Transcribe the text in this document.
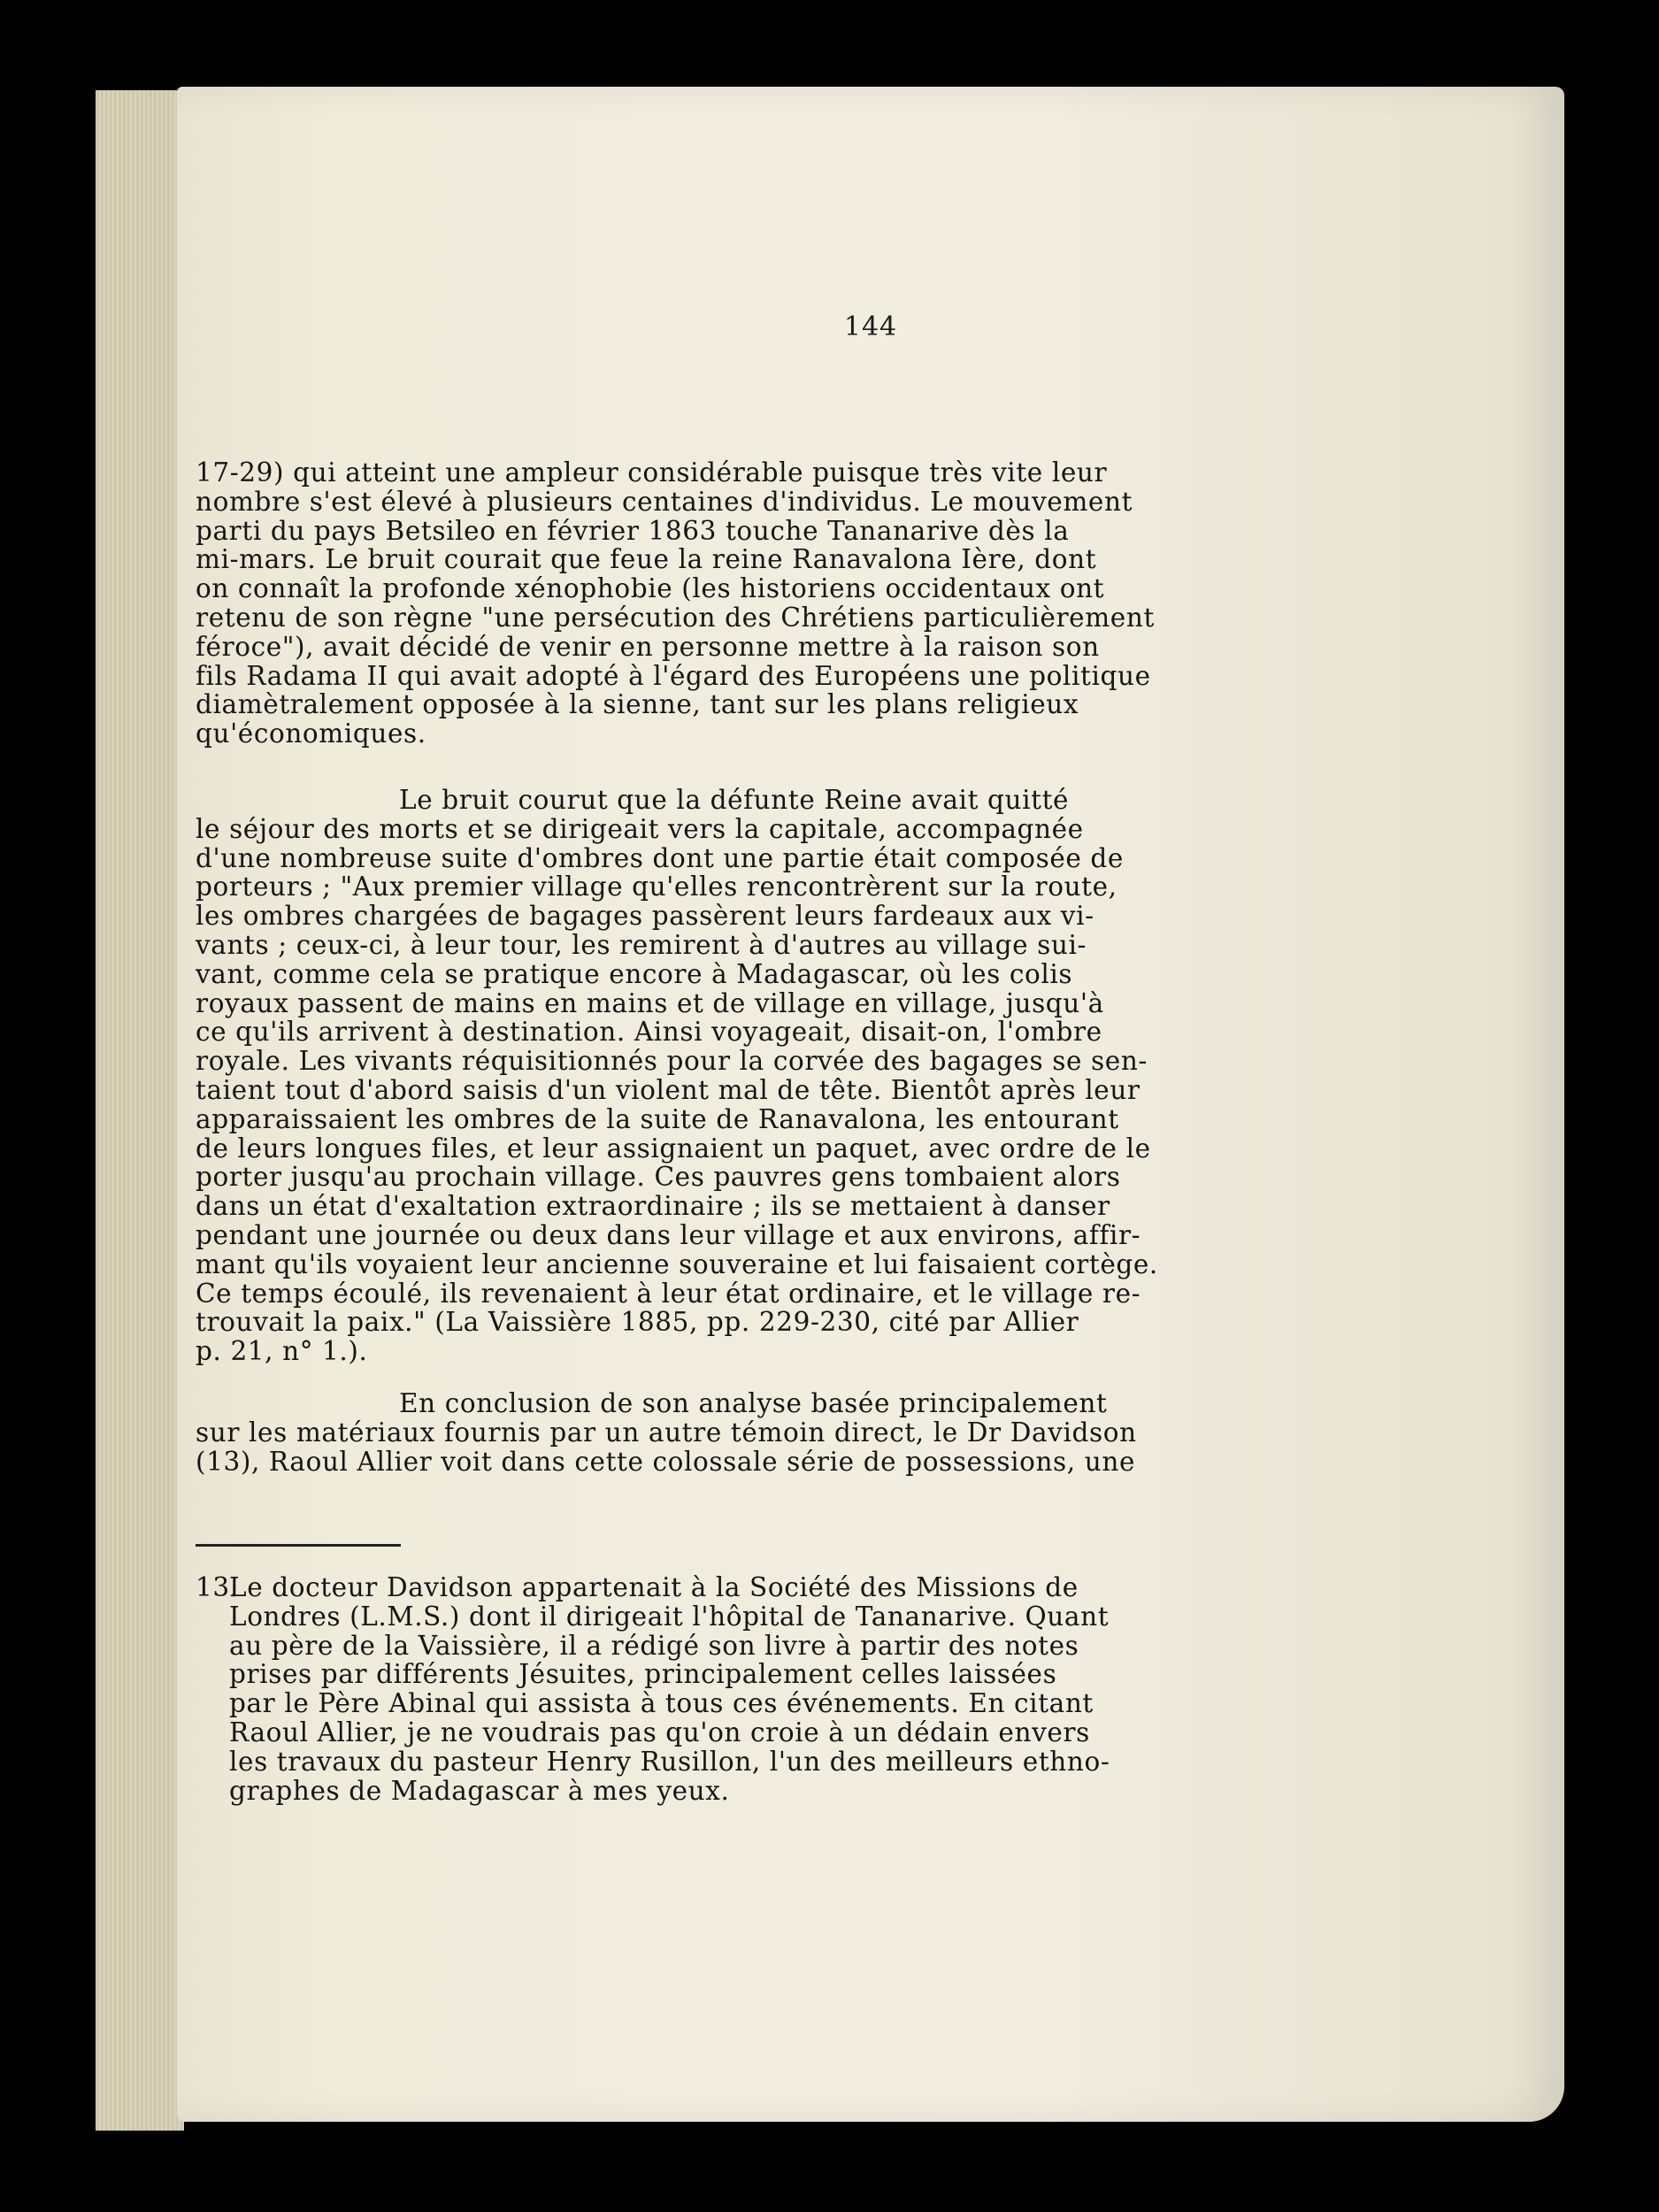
144

17-29) qui atteint une ampleur considérable puisque très vite leur
nombre s'est élevé à plusieurs centaines d'individus. Le mouvement
parti du pays Betsileo en février 1863 touche Tananarive dès la
mi-mars. Le bruit courait que feue la reine Ranavalona Ière, dont
on connaît la profonde xénophobie (les historiens occidentaux ont
retenu de son règne "une persécution des Chrétiens particulièrement
féroce"), avait décidé de venir en personne mettre à la raison son
fils Radama II qui avait adopté à l'égard des Européens une politique
diamètralement opposée à la sienne, tant sur les plans religieux
qu'économiques.

Le bruit courut que la défunte Reine avait quitté
le séjour des morts et se dirigeait vers la capitale, accompagnée
d'une nombreuse suite d'ombres dont une partie était composée de
porteurs ; "Aux premier village qu'elles rencontrèrent sur la route,
les ombres chargées de bagages passèrent leurs fardeaux aux vi-
vants ; ceux-ci, à leur tour, les remirent à d'autres au village sui-
vant, comme cela se pratique encore à Madagascar, où les colis
royaux passent de mains en mains et de village en village, jusqu'à
ce qu'ils arrivent à destination. Ainsi voyageait, disait-on, l'ombre
royale. Les vivants réquisitionnés pour la corvée des bagages se sen-
taient tout d'abord saisis d'un violent mal de tête. Bientôt après leur
apparaissaient les ombres de la suite de Ranavalona, les entourant
de leurs longues files, et leur assignaient un paquet, avec ordre de le
porter jusqu'au prochain village. Ces pauvres gens tombaient alors
dans un état d'exaltation extraordinaire ; ils se mettaient à danser
pendant une journée ou deux dans leur village et aux environs, affir-
mant qu'ils voyaient leur ancienne souveraine et lui faisaient cortège.
Ce temps écoulé, ils revenaient à leur état ordinaire, et le village re-
trouvait la paix." (La Vaissière 1885, pp. 229-230, cité par Allier
p. 21, n° 1.).

En conclusion de son analyse basée principalement
sur les matériaux fournis par un autre témoin direct, le Dr Davidson
(13), Raoul Allier voit dans cette colossale série de possessions, une

13.Le docteur Davidson appartenait à la Société des Missions de
Londres (L.M.S.) dont il dirigeait l'hôpital de Tananarive. Quant
au père de la Vaissière, il a rédigé son livre à partir des notes
prises par différents Jésuites, principalement celles laissées
par le Père Abinal qui assista à tous ces événements. En citant
Raoul Allier, je ne voudrais pas qu'on croie à un dédain envers
les travaux du pasteur Henry Rusillon, l'un des meilleurs ethno-
graphes de Madagascar à mes yeux.
